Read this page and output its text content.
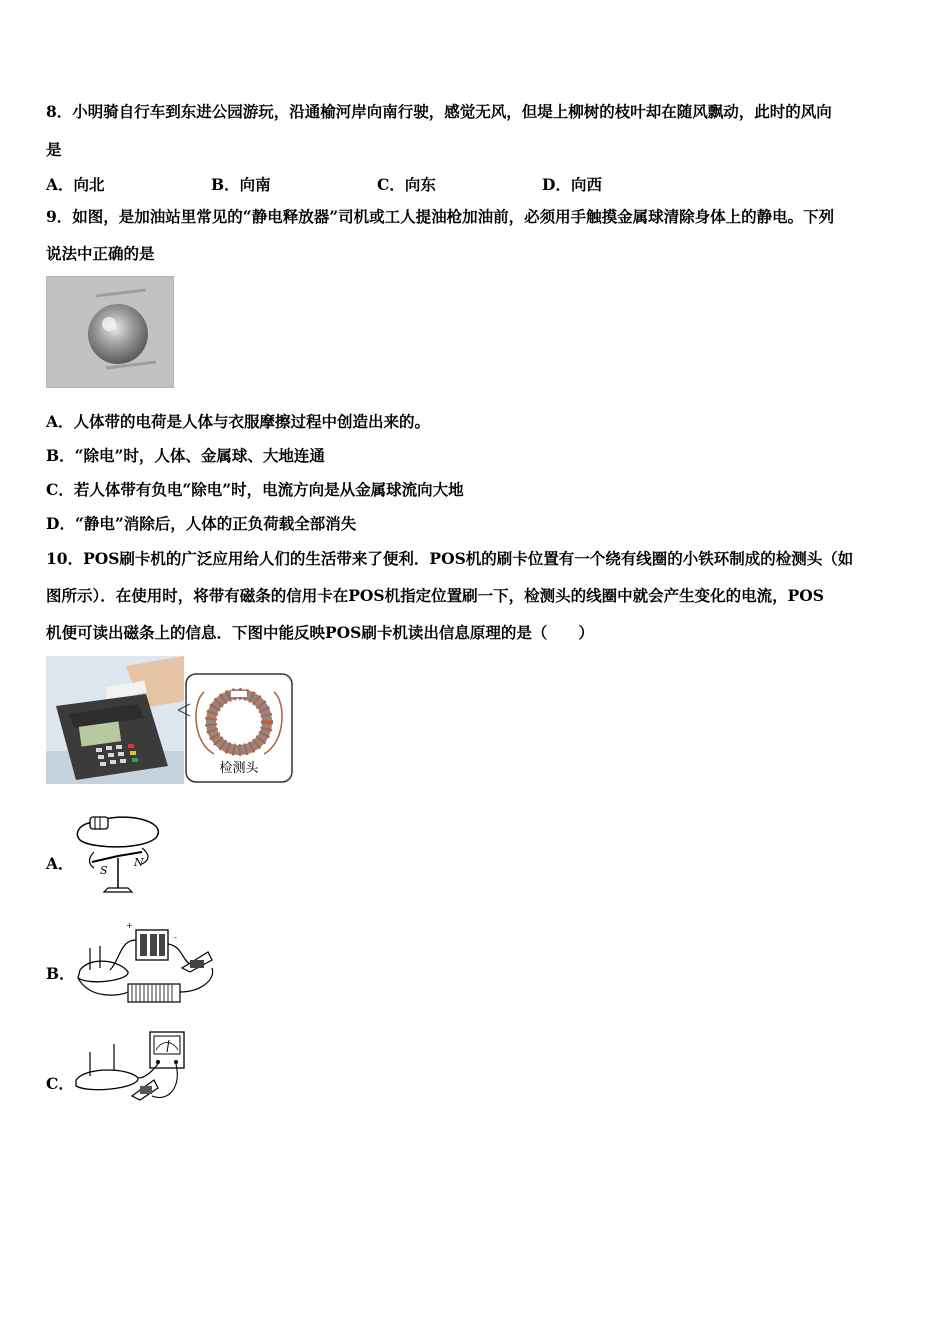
8．小明骑自行车到东进公园游玩，沿通榆河岸向南行驶，感觉无风，但堤上柳树的枝叶却在随风飘动，此时的风向
是
A．向北	B．向南	C．向东	D．向西
9．如图，是加油站里常见的“静电释放器”司机或工人提油枪加油前，必须用手触摸金属球清除身体上的静电。下列
说法中正确的是
A．人体带的电荷是人体与衣服摩擦过程中创造出来的。
B．“除电”时，人体、金属球、大地连通
C．若人体带有负电“除电”时，电流方向是从金属球流向大地
D．“静电”消除后，人体的正负荷载全部消失
10．POS刷卡机的广泛应用给人们的生活带来了便利．POS机的刷卡位置有一个绕有线圈的小铁环制成的检测头（如
图所示）．在使用时，将带有磁条的信用卡在POS机指定位置刷一下，检测头的线圈中就会产生变化的电流，POS
机便可读出磁条上的信息．下图中能反映POS刷卡机读出信息原理的是（　　）
检测头
A． S
N
B．
+
-
C．
